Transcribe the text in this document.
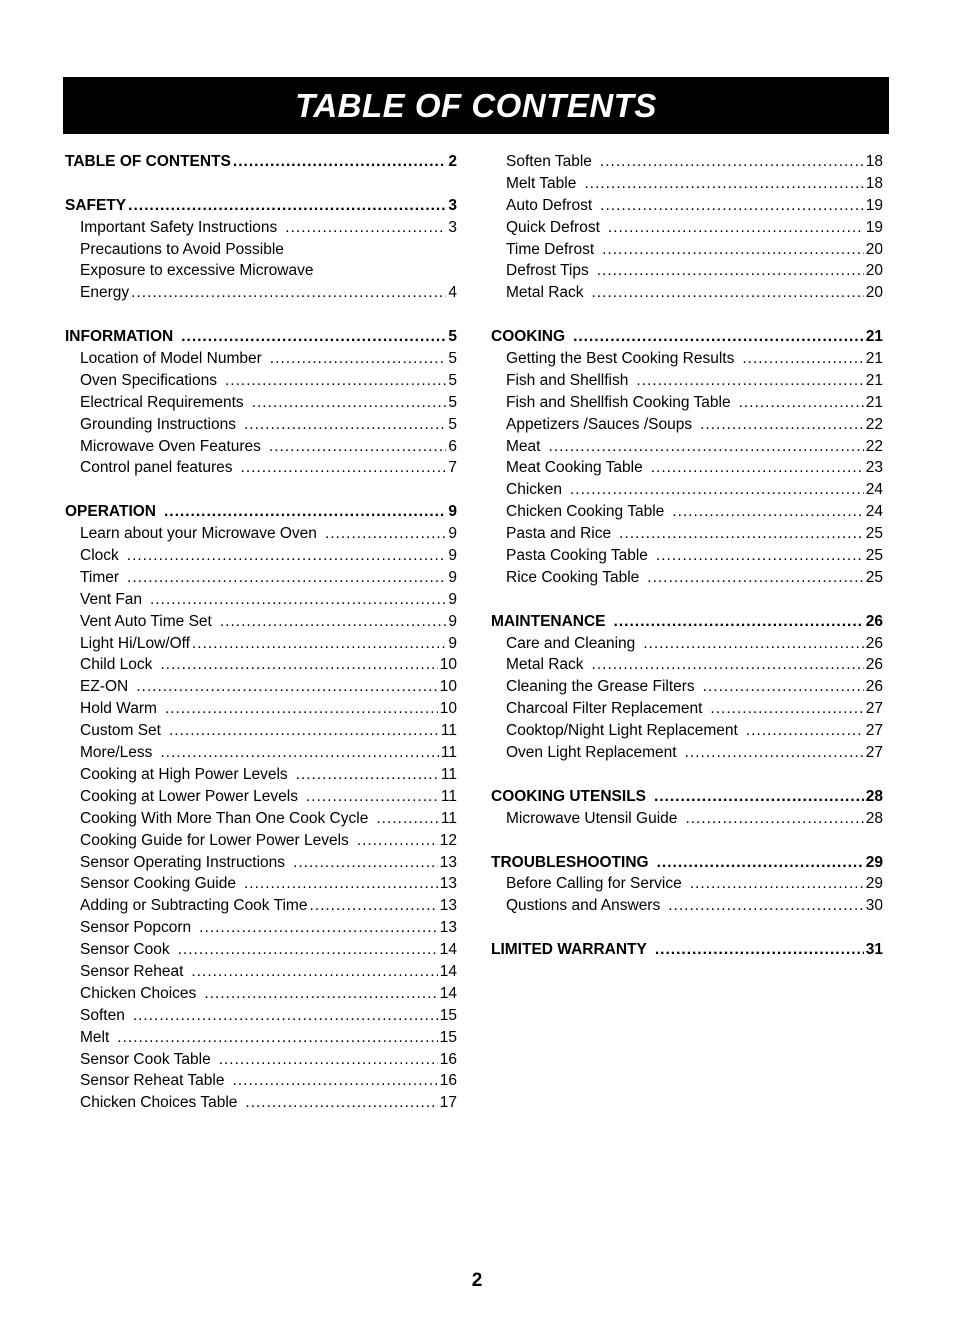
TABLE OF CONTENTS
TABLE OF CONTENTS .....	2
SAFETY .....	3
Important Safety Instructions .....	3
Precautions to Avoid Possible
Exposure to excessive Microwave
Energy .....	4
INFORMATION .....	5
Location of Model Number .....	5
Oven Specifications .....	5
Electrical Requirements .....	5
Grounding Instructions .....	5
Microwave Oven Features .....	6
Control panel features .....	7
OPERATION .....	9
Learn about your Microwave Oven .....	9
Clock .....	9
Timer .....	9
Vent Fan .....	9
Vent Auto Time Set .....	9
Light Hi/Low/Off .....	9
Child Lock .....	10
EZ-ON .....	10
Hold Warm .....	10
Custom Set .....	11
More/Less .....	11
Cooking at High Power Levels .....	11
Cooking at Lower Power Levels .....	11
Cooking With More Than One Cook Cycle .....	11
Cooking Guide for Lower Power Levels .....	12
Sensor Operating Instructions .....	13
Sensor Cooking Guide .....	13
Adding or Subtracting Cook Time .....	13
Sensor Popcorn .....	13
Sensor Cook .....	14
Sensor Reheat .....	14
Chicken Choices .....	14
Soften .....	15
Melt .....	15
Sensor Cook Table .....	16
Sensor Reheat Table .....	16
Chicken Choices Table .....	17
Soften Table .....	18
Melt Table .....	18
Auto Defrost .....	19
Quick Defrost .....	19
Time Defrost .....	20
Defrost Tips .....	20
Metal Rack .....	20
COOKING .....	21
Getting the Best Cooking Results .....	21
Fish and Shellfish .....	21
Fish and Shellfish Cooking Table .....	21
Appetizers /Sauces /Soups .....	22
Meat .....	22
Meat Cooking Table .....	23
Chicken .....	24
Chicken Cooking Table .....	24
Pasta and Rice .....	25
Pasta Cooking Table .....	25
Rice Cooking Table .....	25
MAINTENANCE .....	26
Care and Cleaning .....	26
Metal Rack .....	26
Cleaning the Grease Filters .....	26
Charcoal Filter Replacement .....	27
Cooktop/Night Light Replacement .....	27
Oven Light Replacement .....	27
COOKING UTENSILS .....	28
Microwave Utensil Guide .....	28
TROUBLESHOOTING .....	29
Before Calling for Service .....	29
Qustions and Answers .....	30
LIMITED WARRANTY .....	31
2
